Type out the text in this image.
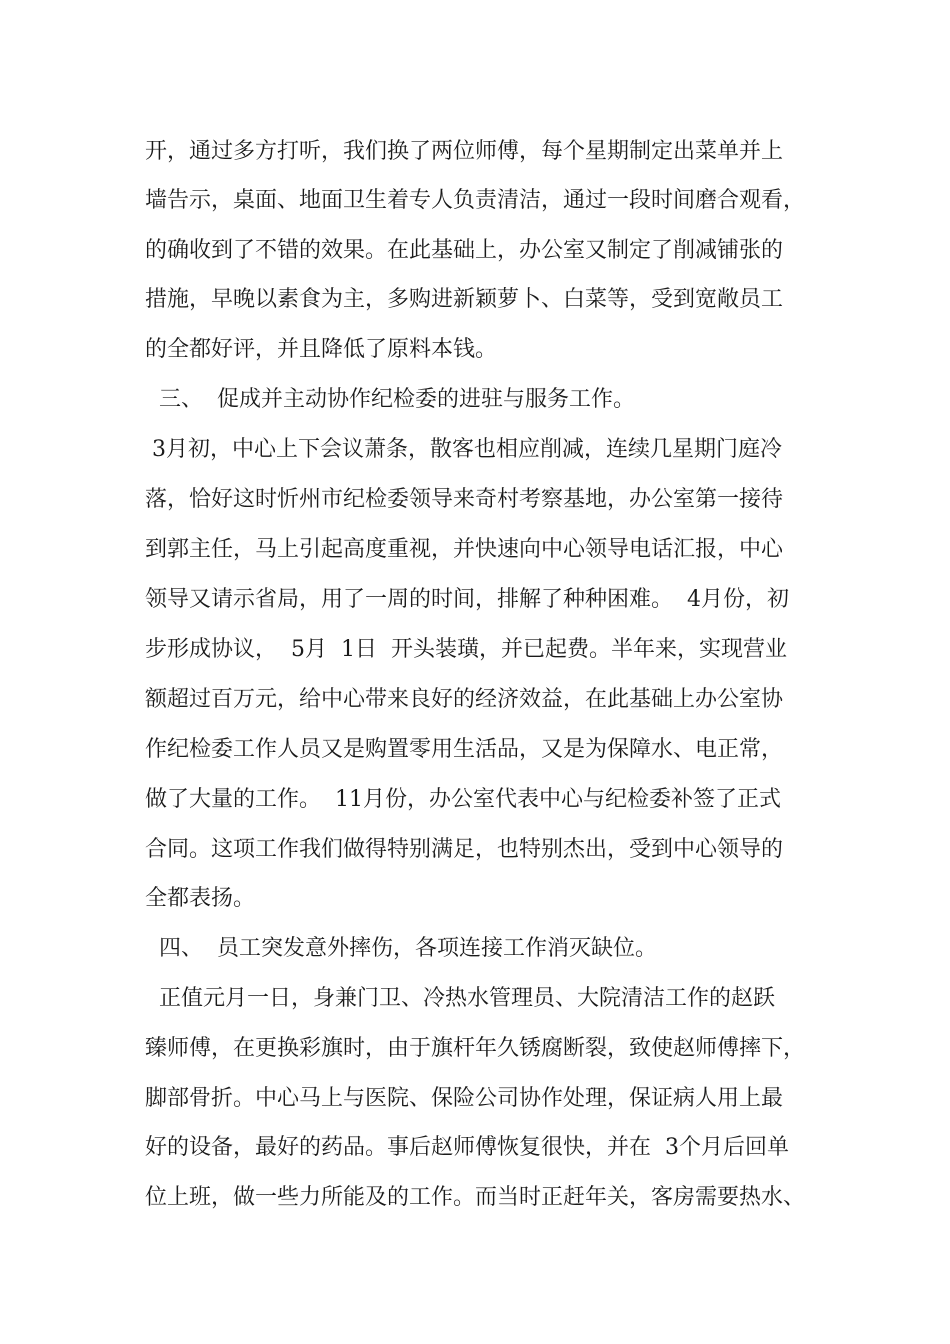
开，通过多方打听，我们换了两位师傅，每个星期制定出菜单并上
墙告示，桌面、地面卫生着专人负责清洁，通过一段时间磨合观看，
的确收到了不错的效果。在此基础上，办公室又制定了削减铺张的
措施，早晚以素食为主，多购进新颖萝卜、白菜等，受到宽敞员工
的全都好评，并且降低了原料本钱。
三、  促成并主动协作纪检委的进驻与服务工作。
3月初，中心上下会议萧条，散客也相应削减，连续几星期门庭冷
落，恰好这时忻州市纪检委领导来奇村考察基地，办公室第一接待
到郭主任，马上引起高度重视，并快速向中心领导电话汇报，中心
领导又请示省局，用了一周的时间，排解了种种困难。  4月份，初
步形成协议，  5月  1日  开头装璜，并已起费。半年来，实现营业
额超过百万元，给中心带来良好的经济效益，在此基础上办公室协
作纪检委工作人员又是购置零用生活品，又是为保障水、电正常，
做了大量的工作。  11月份，办公室代表中心与纪检委补签了正式
合同。这项工作我们做得特别满足，也特别杰出，受到中心领导的
全都表扬。
四、  员工突发意外摔伤，各项连接工作消灭缺位。
正值元月一日，身兼门卫、冷热水管理员、大院清洁工作的赵跃
臻师傅，在更换彩旗时，由于旗杆年久锈腐断裂，致使赵师傅摔下，
脚部骨折。中心马上与医院、保险公司协作处理，保证病人用上最
好的设备，最好的药品。事后赵师傅恢复很快，并在  3个月后回单
位上班，做一些力所能及的工作。而当时正赶年关，客房需要热水、
